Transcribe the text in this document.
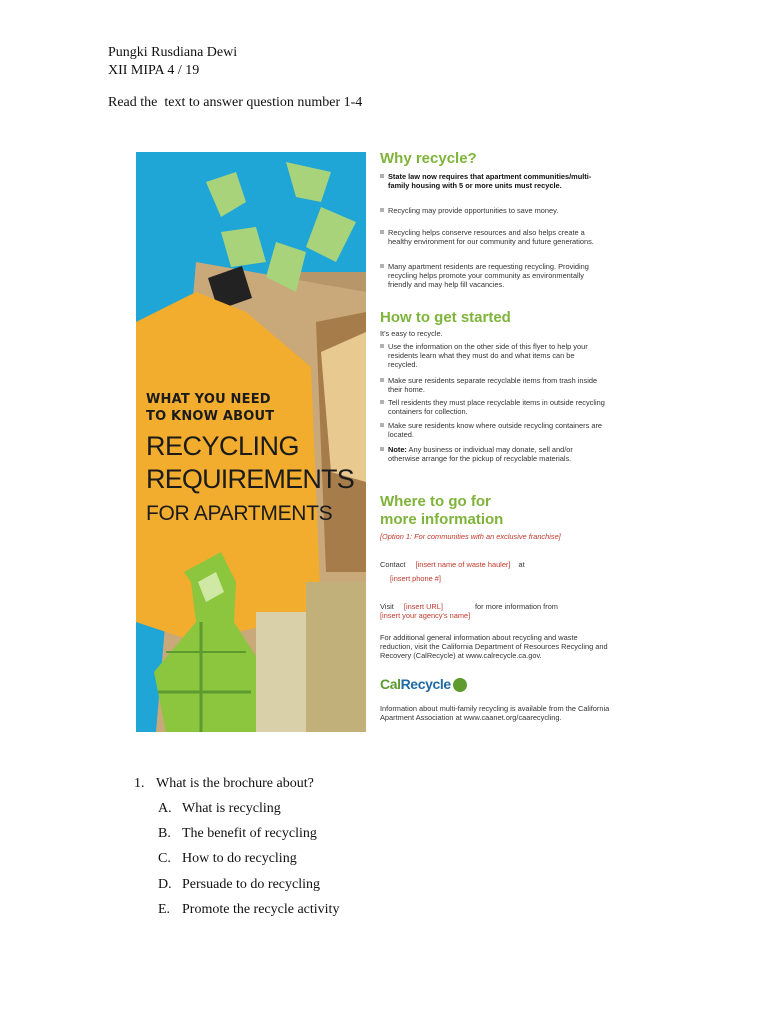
Pungki Rusdiana Dewi
XII MIPA 4 / 19
Read the  text to answer question number 1-4
WHAT YOU NEED
TO KNOW ABOUT
RECYCLING
REQUIREMENTS
FOR APARTMENTS
Why recycle?
State law now requires that apartment communities/multi-family housing with 5 or more units must recycle.
Recycling may provide opportunities to save money.
Recycling helps conserve resources and also helps create a healthy environment for our community and future generations.
Many apartment residents are requesting recycling. Providing recycling helps promote your community as environmentally friendly and may help fill vacancies.
How to get started
It's easy to recycle.
Use the information on the other side of this flyer to help your residents learn what they must do and what items can be recycled.
Make sure residents separate recyclable items from trash inside their home.
Tell residents they must place recyclable items in outside recycling containers for collection.
Make sure residents know where outside recycling containers are located.
Note: Any business or individual may donate, sell and/or otherwise arrange for the pickup of recyclable materials.
Where to go for
more information
[Option 1: For communities with an exclusive franchise]
Contact [insert name of waste hauler] at
[insert phone #]
Visit [insert URL]	for more information from
[insert your agency's name]
For additional general information about recycling and waste reduction, visit the California Department of Resources Recycling and Recovery (CalRecycle) at www.calrecycle.ca.gov.
CalRecycle
Information about multi-family recycling is available from the California Apartment Association at www.caanet.org/caarecycling.
1. What is the brochure about?
A. What is recycling
B. The benefit of recycling
C. How to do recycling
D. Persuade to do recycling
E. Promote the recycle activity
